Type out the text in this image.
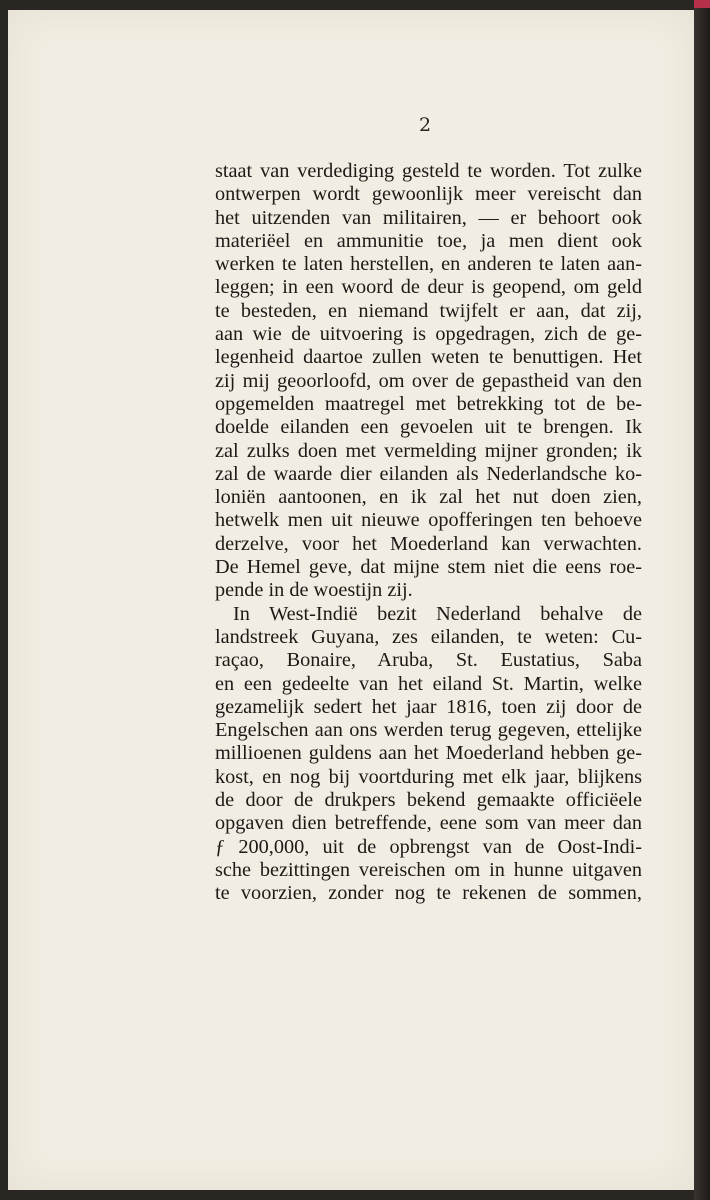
2
staat van verdediging gesteld te worden. Tot zulke
ontwerpen wordt gewoonlijk meer vereischt dan
het uitzenden van militairen, — er behoort ook
materiëel en ammunitie toe, ja men dient ook
werken te laten herstellen, en anderen te laten aan-
leggen; in een woord de deur is geopend, om geld
te besteden, en niemand twijfelt er aan, dat zij,
aan wie de uitvoering is opgedragen, zich de ge-
legenheid daartoe zullen weten te benuttigen. Het
zij mij geoorloofd, om over de gepastheid van den
opgemelden maatregel met betrekking tot de be-
doelde eilanden een gevoelen uit te brengen. Ik
zal zulks doen met vermelding mijner gronden; ik
zal de waarde dier eilanden als Nederlandsche ko-
loniën aantoonen, en ik zal het nut doen zien,
hetwelk men uit nieuwe opofferingen ten behoeve
derzelve, voor het Moederland kan verwachten.
De Hemel geve, dat mijne stem niet die eens roe-
pende in de woestijn zij.
In West-Indië bezit Nederland behalve de
landstreek Guyana, zes eilanden, te weten: Cu-
raçao, Bonaire, Aruba, St. Eustatius, Saba
en een gedeelte van het eiland St. Martin, welke
gezamelijk sedert het jaar 1816, toen zij door de
Engelschen aan ons werden terug gegeven, ettelijke
millioenen guldens aan het Moederland hebben ge-
kost, en nog bij voortduring met elk jaar, blijkens
de door de drukpers bekend gemaakte officiëele
opgaven dien betreffende, eene som van meer dan
ƒ 200,000, uit de opbrengst van de Oost-Indi-
sche bezittingen vereischen om in hunne uitgaven
te voorzien, zonder nog te rekenen de sommen,
